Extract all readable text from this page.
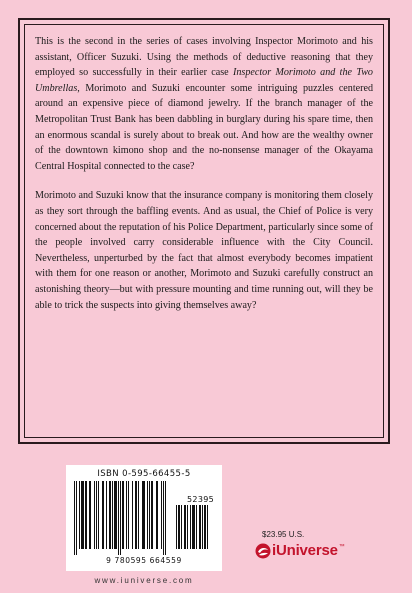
This is the second in the series of cases involving Inspector Morimoto and his assistant, Officer Suzuki. Using the methods of deductive reasoning that they employed so successfully in their earlier case Inspector Morimoto and the Two Umbrellas, Morimoto and Suzuki encounter some intriguing puzzles centered around an expensive piece of diamond jewelry. If the branch manager of the Metropolitan Trust Bank has been dabbling in burglary during his spare time, then an enormous scandal is surely about to break out. And how are the wealthy owner of the downtown kimono shop and the no-nonsense manager of the Okayama Central Hospital connected to the case?

Morimoto and Suzuki know that the insurance company is monitoring them closely as they sort through the baffling events. And as usual, the Chief of Police is very concerned about the reputation of his Police Department, particularly since some of the people involved carry considerable influence with the City Council. Nevertheless, unperturbed by the fact that almost everybody becomes impatient with them for one reason or another, Morimoto and Suzuki carefully construct an astonishing theory—but with pressure mounting and time running out, will they be able to trick the suspects into giving themselves away?

ISBN 0-595-66455-5
52395
9 780595 664559
www.iuniverse.com
$23.95 U.S.
iUniverse ™
